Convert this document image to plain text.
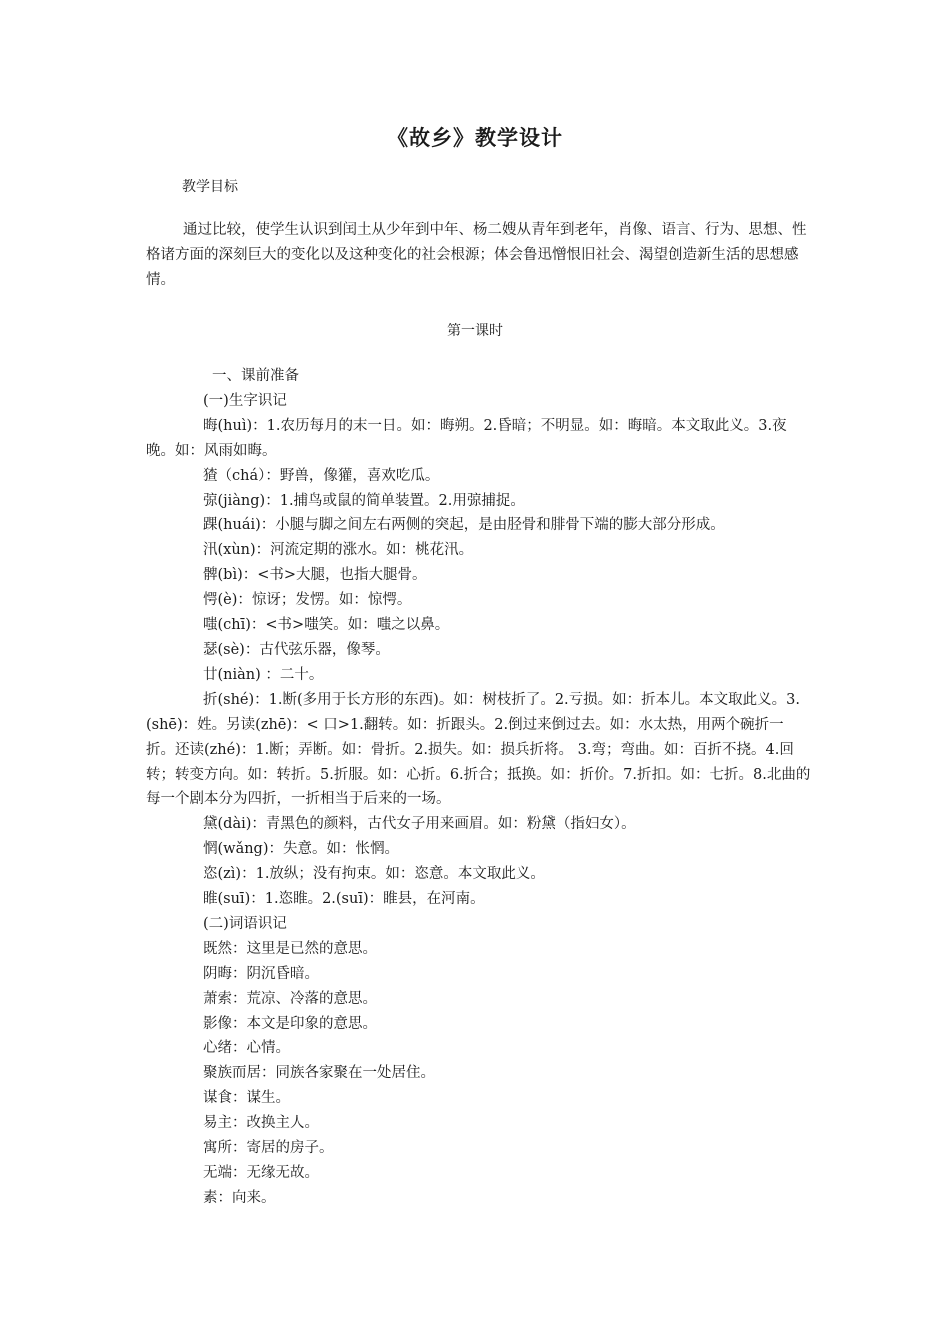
《故乡》教学设计
教学目标

通过比较，使学生认识到闰土从少年到中年、杨二嫂从青年到老年，肖像、语言、行为、思想、性格诸方面的深刻巨大的变化以及这种变化的社会根源；体会鲁迅憎恨旧社会、渴望创造新生活的思想感情。

第一课时

一、课前准备

(一)生字识记

晦(huì)：1.农历每月的末一日。如：晦朔。2.昏暗；不明显。如：晦暗。本文取此义。3.夜晚。如：风雨如晦。

猹（chá）：野兽，像獾，喜欢吃瓜。

弶(jiàng)：1.捕鸟或鼠的简单装置。2.用弶捕捉。

踝(huái)：小腿与脚之间左右两侧的突起，是由胫骨和腓骨下端的膨大部分形成。

汛(xùn)：河流定期的涨水。如：桃花汛。

髀(bì)：<书>大腿，也指大腿骨。

愕(è)：惊讶；发愣。如：惊愕。

嗤(chī)：<书>嗤笑。如：嗤之以鼻。

瑟(sè)：古代弦乐器，像琴。

廿(niàn) ：二十。

折(shé)：1.断(多用于长方形的东西)。如：树枝折了。2.亏损。如：折本儿。本文取此义。3.(shē)：姓。另读(zhē)：< 口>1.翻转。如：折跟头。2.倒过来倒过去。如：水太热，用两个碗折一折。还读(zhé)：1.断；弄断。如：骨折。2.损失。如：损兵折将。 3.弯；弯曲。如：百折不挠。4.回转；转变方向。如：转折。5.折服。如：心折。6.折合；抵换。如：折价。7.折扣。如：七折。8.北曲的每一个剧本分为四折，一折相当于后来的一场。

黛(dài)：青黑色的颜料，古代女子用来画眉。如：粉黛（指妇女）。

惘(wǎng)：失意。如：怅惘。

恣(zì)：1.放纵；没有拘束。如：恣意。本文取此义。

睢(suī)：1.恣睢。2.(suī)：睢县，在河南。

(二)词语识记

既然：这里是已然的意思。

阴晦：阴沉昏暗。

萧索：荒凉、冷落的意思。

影像：本文是印象的意思。

心绪：心情。

聚族而居：同族各家聚在一处居住。

谋食：谋生。

易主：改换主人。

寓所：寄居的房子。

无端：无缘无故。

素：向来。
